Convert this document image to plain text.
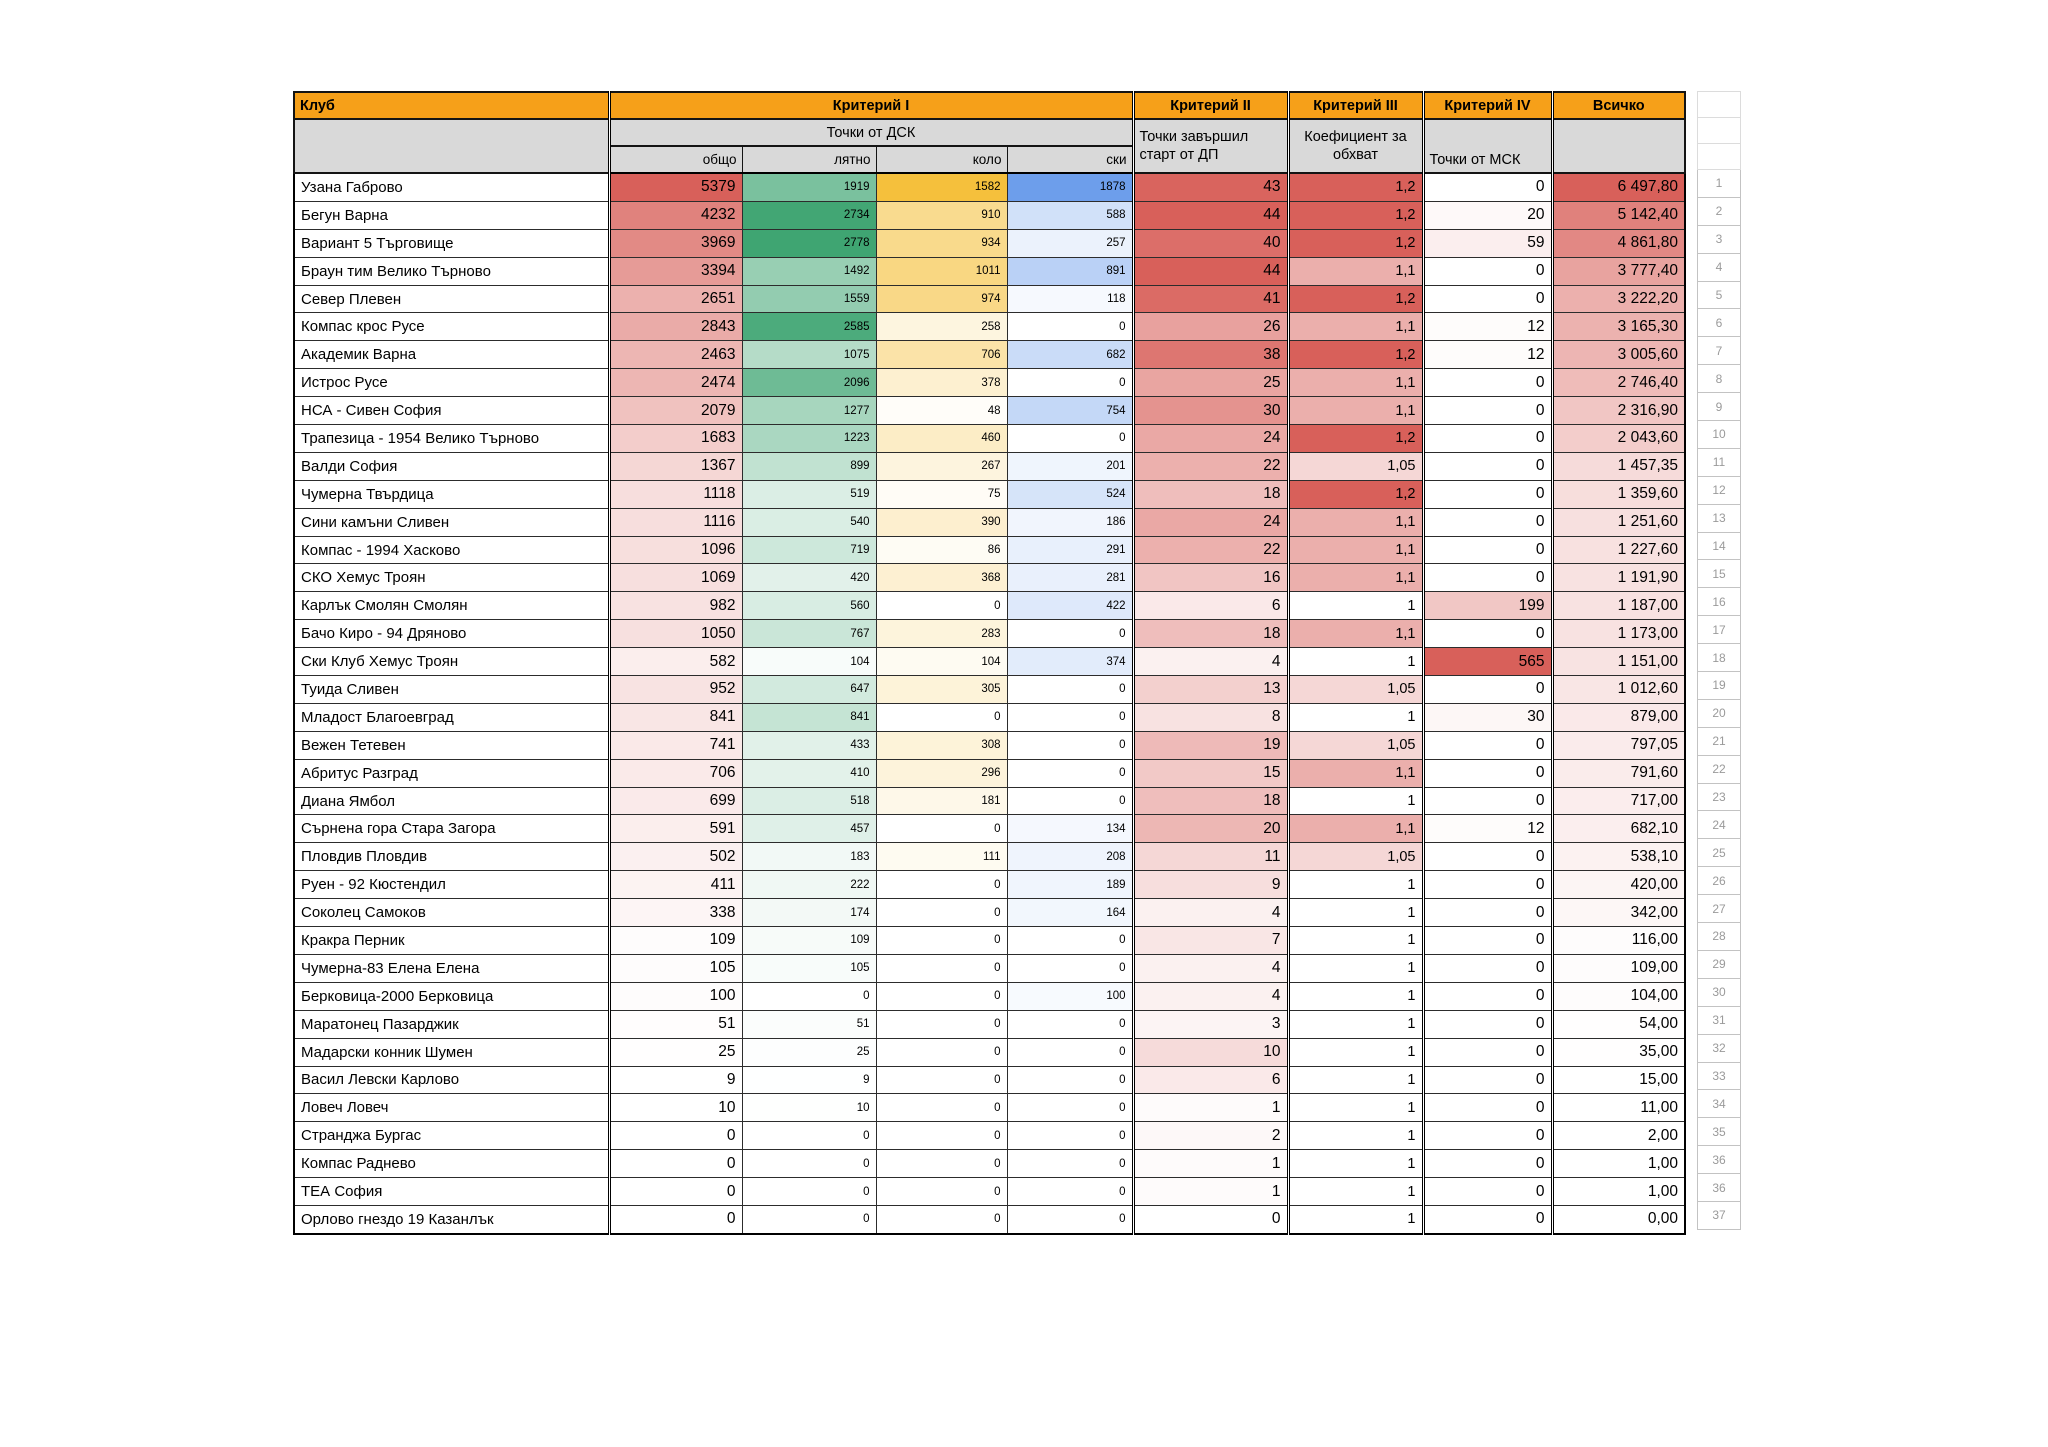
Клуб	Критерий I				Критерий II	Критерий III	Критерий IV	Всичко
	Точки от ДСК				Точки завършил старт от ДП	Коефициент за обхват	Точки от МСК	
	общо	лятно	коло	ски				
Узана Габрово	5379	1919	1582	1878	43	1,2	0	6 497,80
Бегун Варна	4232	2734	910	588	44	1,2	20	5 142,40
Вариант 5 Търговище	3969	2778	934	257	40	1,2	59	4 861,80
Браун тим Велико Търново	3394	1492	1011	891	44	1,1	0	3 777,40
Север Плевен	2651	1559	974	118	41	1,2	0	3 222,20
Компас крос Русе	2843	2585	258	0	26	1,1	12	3 165,30
Академик Варна	2463	1075	706	682	38	1,2	12	3 005,60
Истрос Русе	2474	2096	378	0	25	1,1	0	2 746,40
НСА - Сивен София	2079	1277	48	754	30	1,1	0	2 316,90
Трапезица - 1954 Велико Търново	1683	1223	460	0	24	1,2	0	2 043,60
Валди София	1367	899	267	201	22	1,05	0	1 457,35
Чумерна Твърдица	1118	519	75	524	18	1,2	0	1 359,60
Сини камъни Сливен	1116	540	390	186	24	1,1	0	1 251,60
Компас - 1994 Хасково	1096	719	86	291	22	1,1	0	1 227,60
СКО Хемус Троян	1069	420	368	281	16	1,1	0	1 191,90
Карлък Смолян Смолян	982	560	0	422	6	1	199	1 187,00
Бачо Киро - 94 Дряново	1050	767	283	0	18	1,1	0	1 173,00
Ски Клуб Хемус Троян	582	104	104	374	4	1	565	1 151,00
Туида Сливен	952	647	305	0	13	1,05	0	1 012,60
Младост Благоевград	841	841	0	0	8	1	30	879,00
Вежен Тетевен	741	433	308	0	19	1,05	0	797,05
Абритус Разград	706	410	296	0	15	1,1	0	791,60
Диана Ямбол	699	518	181	0	18	1	0	717,00
Сърнена гора Стара Загора	591	457	0	134	20	1,1	12	682,10
Пловдив Пловдив	502	183	111	208	11	1,05	0	538,10
Руен - 92 Кюстендил	411	222	0	189	9	1	0	420,00
Соколец Самоков	338	174	0	164	4	1	0	342,00
Кракра Перник	109	109	0	0	7	1	0	116,00
Чумерна-83 Елена Елена	105	105	0	0	4	1	0	109,00
Берковица-2000 Берковица	100	0	0	100	4	1	0	104,00
Маратонец Пазарджик	51	51	0	0	3	1	0	54,00
Мадарски конник Шумен	25	25	0	0	10	1	0	35,00
Васил Левски Карлово	9	9	0	0	6	1	0	15,00
Ловеч Ловеч	10	10	0	0	1	1	0	11,00
Странджа Бургас	0	0	0	0	2	1	0	2,00
Компас Раднево	0	0	0	0	1	1	0	1,00
ТЕА София	0	0	0	0	1	1	0	1,00
Орлово гнездо 19 Казанлък	0	0	0	0	0	1	0	0,00

1
2
3
4
5
6
7
8
9
10
11
12
13
14
15
16
17
18
19
20
21
22
23
24
25
26
27
28
29
30
31
32
33
34
35
36
36
37
